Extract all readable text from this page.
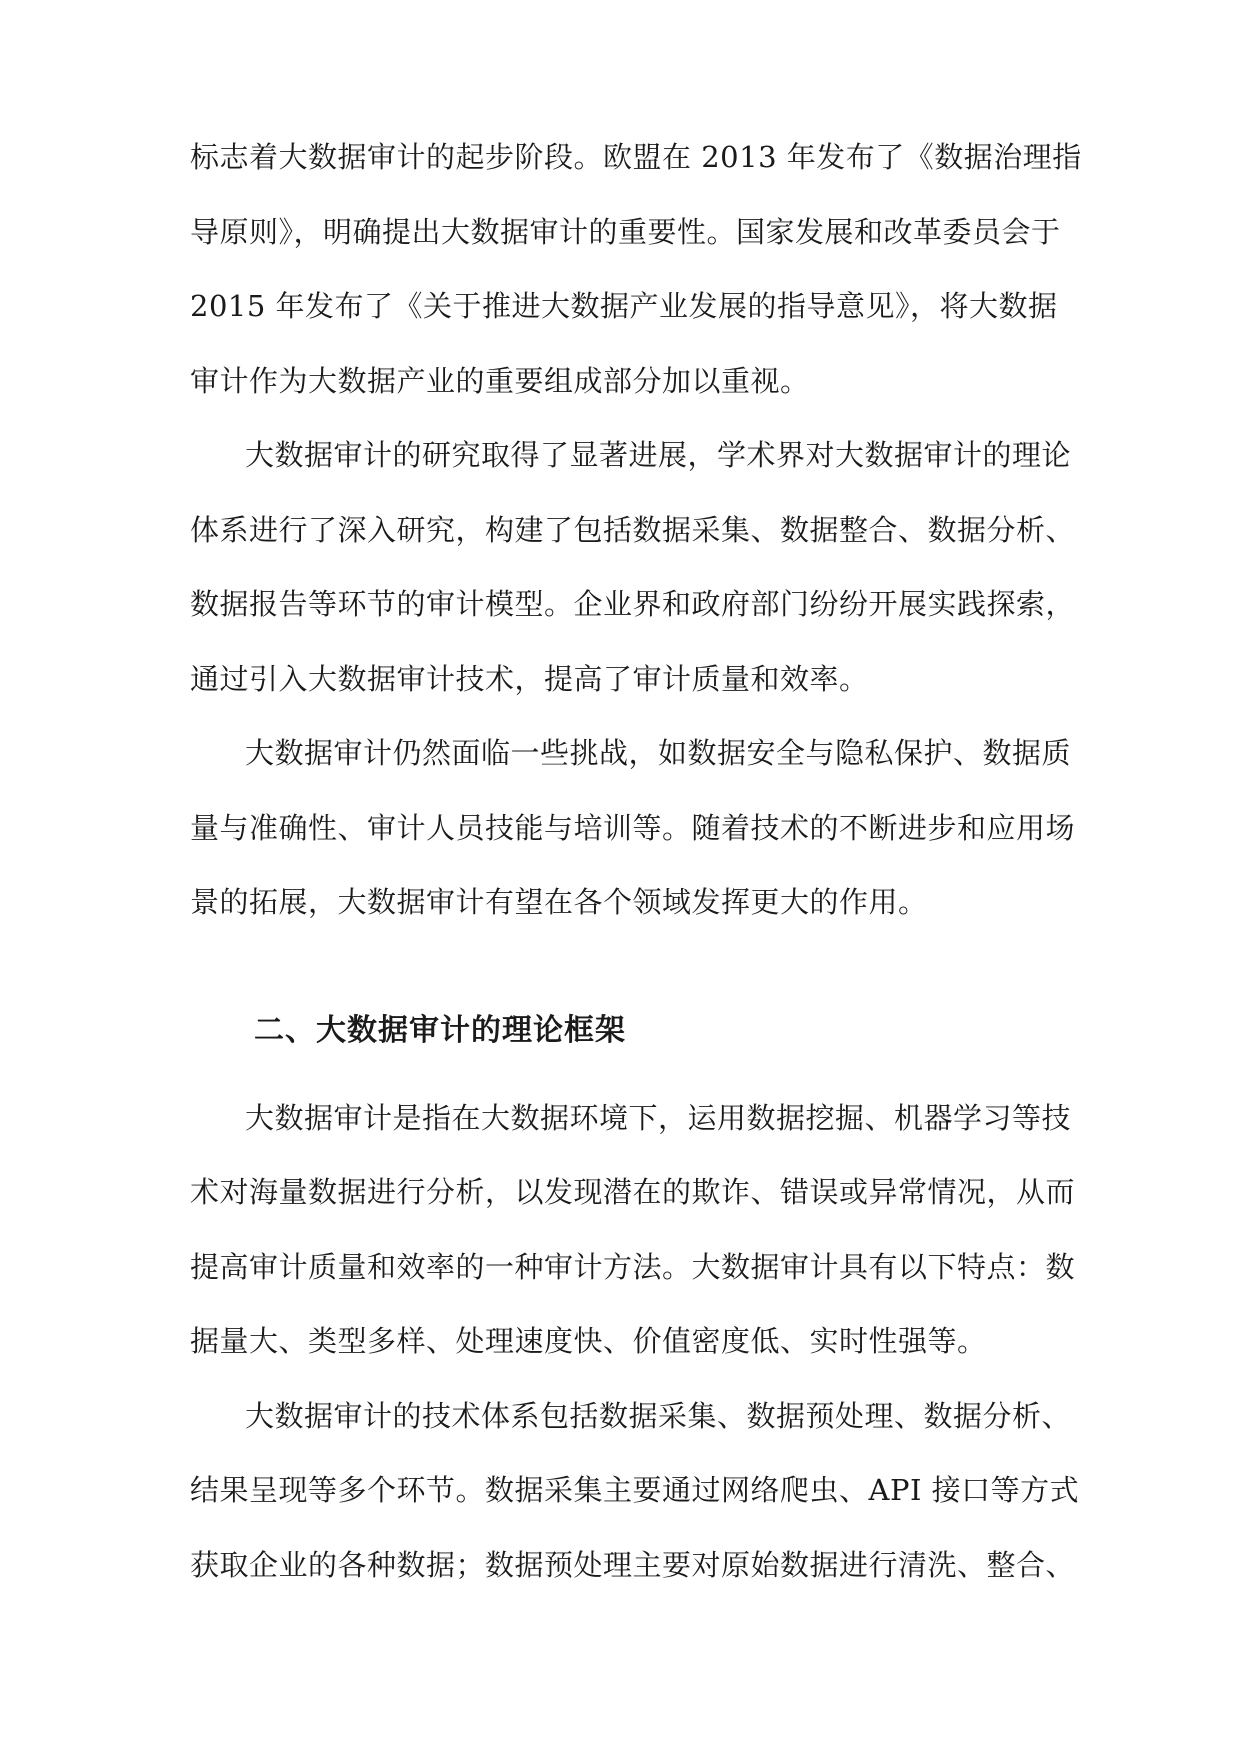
标志着大数据审计的起步阶段。欧盟在 2013 年发布了《数据治理指
导原则》，明确提出大数据审计的重要性。国家发展和改革委员会于
2015 年发布了《关于推进大数据产业发展的指导意见》，将大数据
审计作为大数据产业的重要组成部分加以重视。
大数据审计的研究取得了显著进展，学术界对大数据审计的理论
体系进行了深入研究，构建了包括数据采集、数据整合、数据分析、
数据报告等环节的审计模型。企业界和政府部门纷纷开展实践探索，
通过引入大数据审计技术，提高了审计质量和效率。
大数据审计仍然面临一些挑战，如数据安全与隐私保护、数据质
量与准确性、审计人员技能与培训等。随着技术的不断进步和应用场
景的拓展，大数据审计有望在各个领域发挥更大的作用。
二、大数据审计的理论框架
大数据审计是指在大数据环境下，运用数据挖掘、机器学习等技
术对海量数据进行分析，以发现潜在的欺诈、错误或异常情况，从而
提高审计质量和效率的一种审计方法。大数据审计具有以下特点：数
据量大、类型多样、处理速度快、价值密度低、实时性强等。
大数据审计的技术体系包括数据采集、数据预处理、数据分析、
结果呈现等多个环节。数据采集主要通过网络爬虫、API 接口等方式
获取企业的各种数据；数据预处理主要对原始数据进行清洗、整合、
